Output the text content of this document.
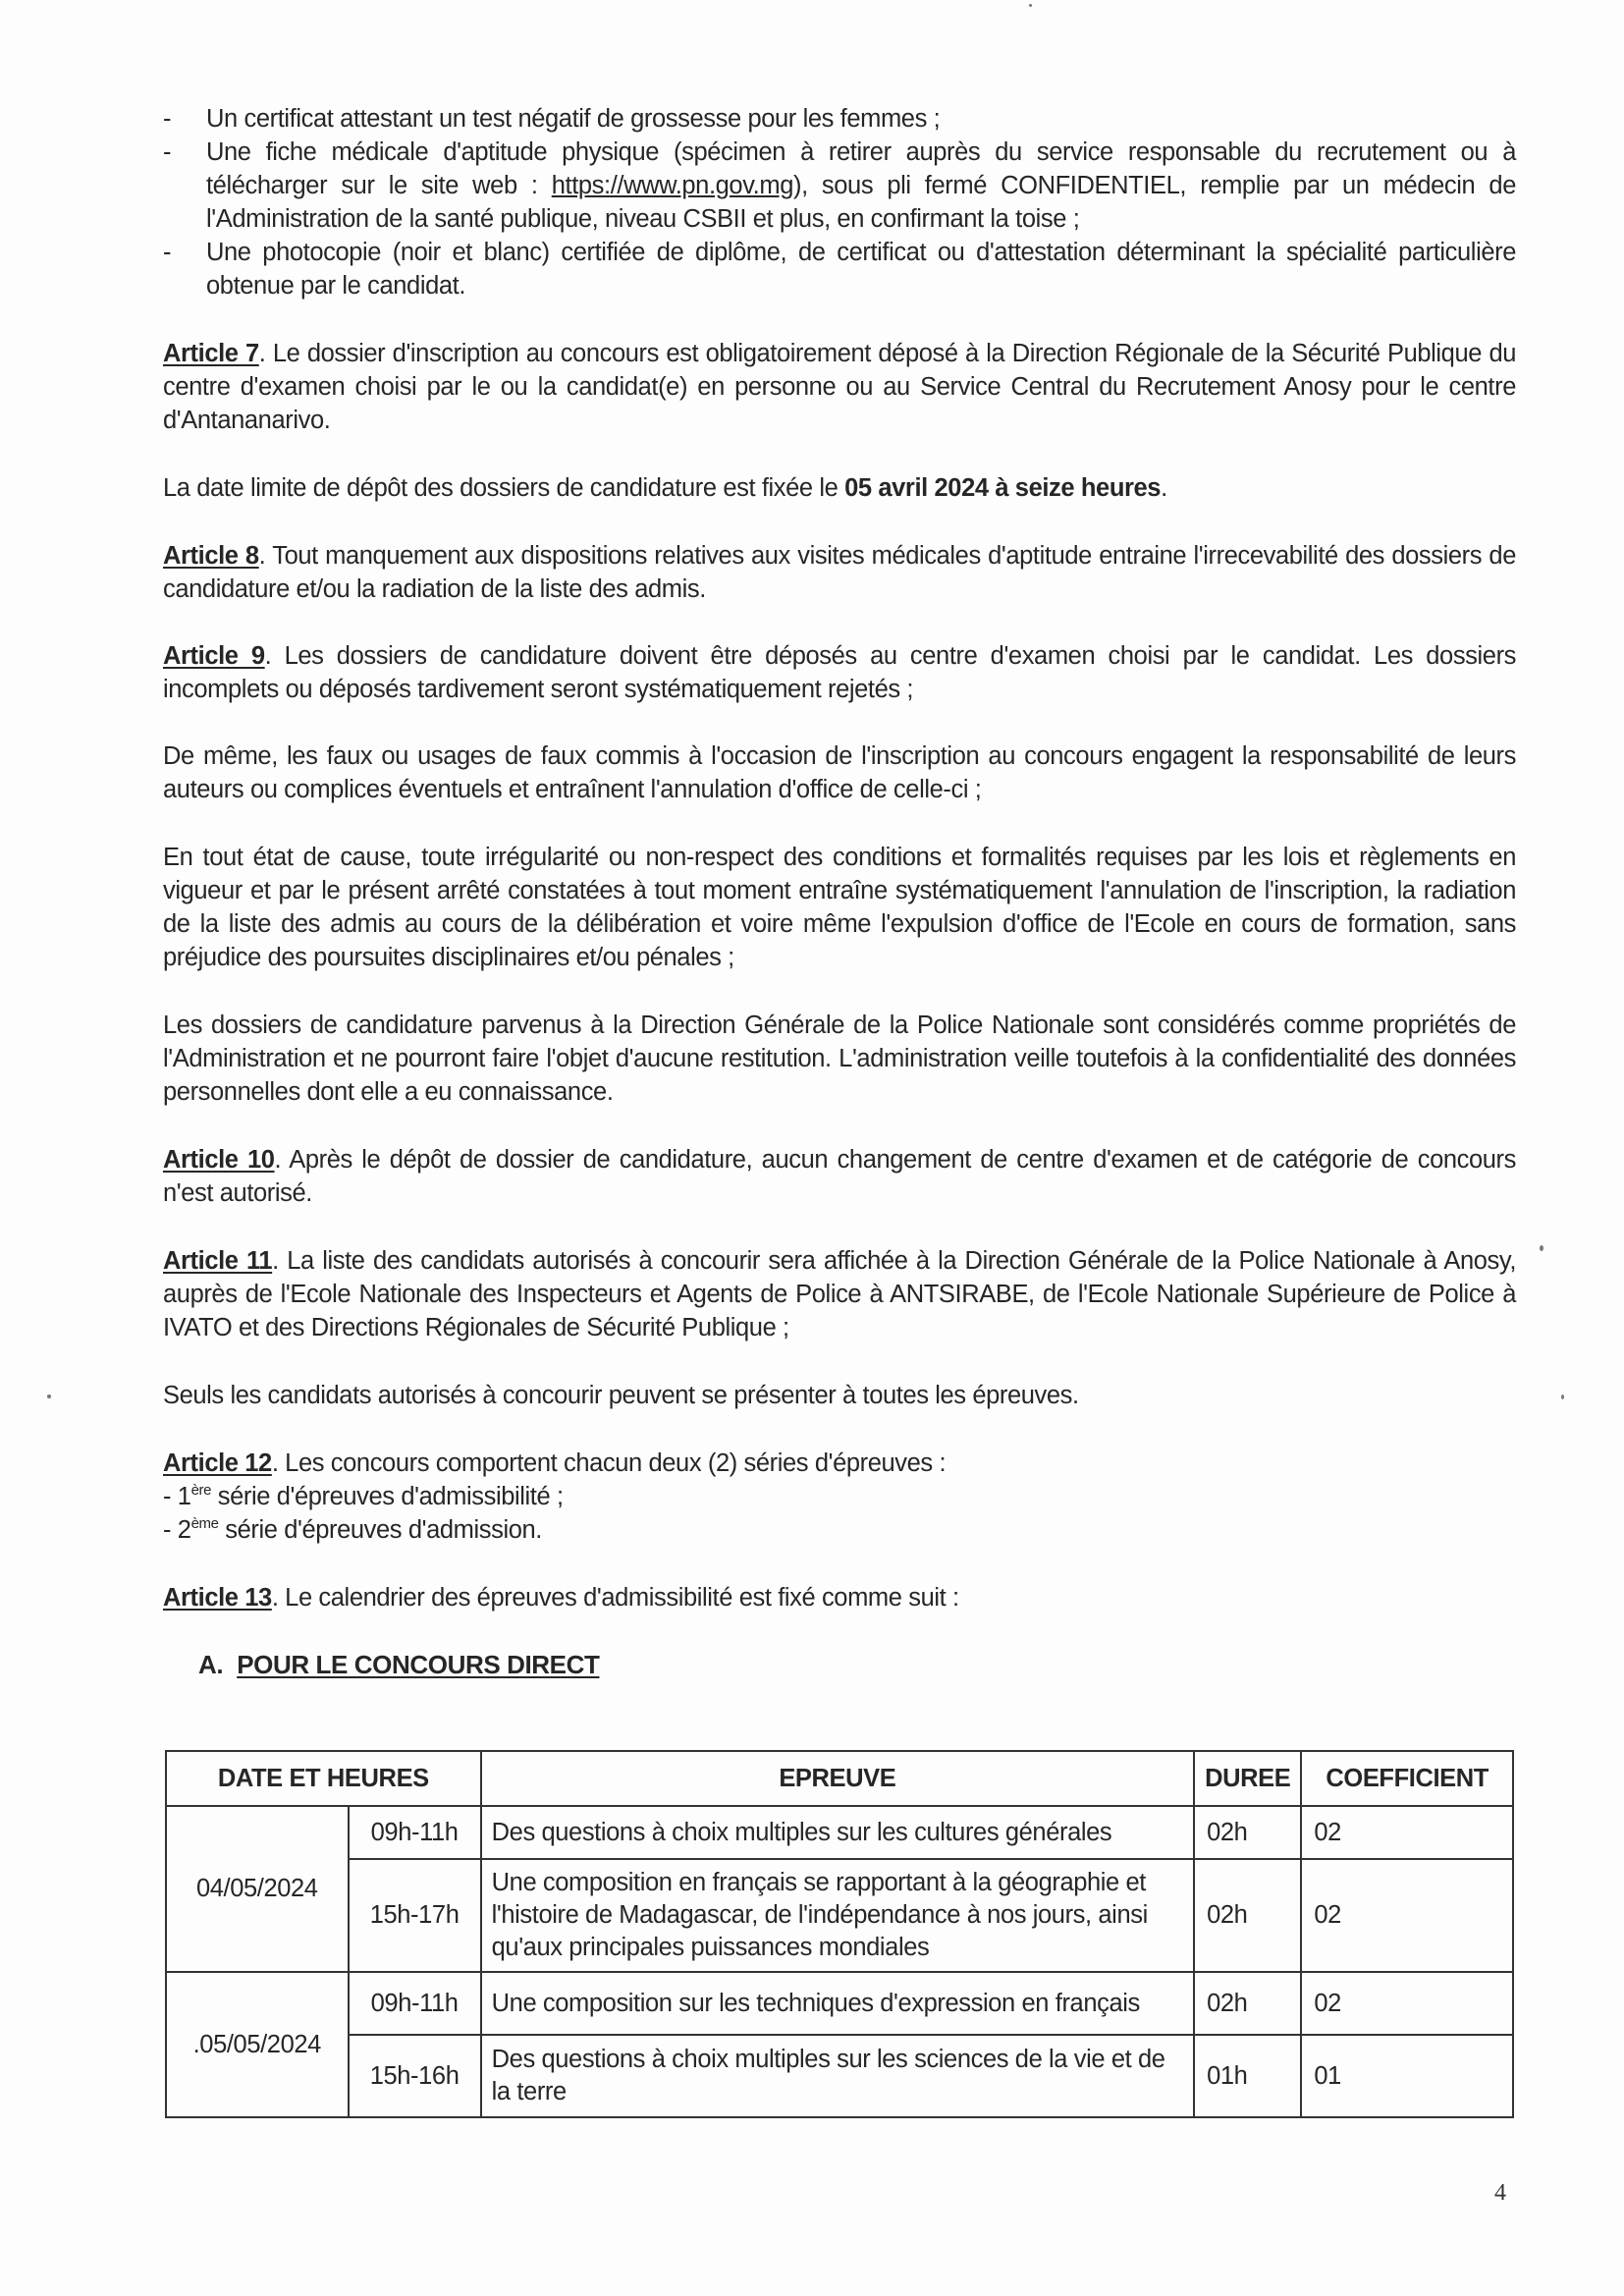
- Un certificat attestant un test négatif de grossesse pour les femmes ;
- Une fiche médicale d'aptitude physique (spécimen à retirer auprès du service responsable du recrutement ou à télécharger sur le site web : https://www.pn.gov.mg), sous pli fermé CONFIDENTIEL, remplie par un médecin de l'Administration de la santé publique, niveau CSBII et plus, en confirmant la toise ;
- Une photocopie (noir et blanc) certifiée de diplôme, de certificat ou d'attestation déterminant la spécialité particulière obtenue par le candidat.

Article 7. Le dossier d'inscription au concours est obligatoirement déposé à la Direction Régionale de la Sécurité Publique du centre d'examen choisi par le ou la candidat(e) en personne ou au Service Central du Recrutement Anosy pour le centre d'Antananarivo.

La date limite de dépôt des dossiers de candidature est fixée le 05 avril 2024 à seize heures.

Article 8. Tout manquement aux dispositions relatives aux visites médicales d'aptitude entraine l'irrecevabilité des dossiers de candidature et/ou la radiation de la liste des admis.

Article 9. Les dossiers de candidature doivent être déposés au centre d'examen choisi par le candidat. Les dossiers incomplets ou déposés tardivement seront systématiquement rejetés ;

De même, les faux ou usages de faux commis à l'occasion de l'inscription au concours engagent la responsabilité de leurs auteurs ou complices éventuels et entraînent l'annulation d'office de celle-ci ;

En tout état de cause, toute irrégularité ou non-respect des conditions et formalités requises par les lois et règlements en vigueur et par le présent arrêté constatées à tout moment entraîne systématiquement l'annulation de l'inscription, la radiation de la liste des admis au cours de la délibération et voire même l'expulsion d'office de l'Ecole en cours de formation, sans préjudice des poursuites disciplinaires et/ou pénales ;

Les dossiers de candidature parvenus à la Direction Générale de la Police Nationale sont considérés comme propriétés de l'Administration et ne pourront faire l'objet d'aucune restitution. L'administration veille toutefois à la confidentialité des données personnelles dont elle a eu connaissance.

Article 10. Après le dépôt de dossier de candidature, aucun changement de centre d'examen et de catégorie de concours n'est autorisé.

Article 11. La liste des candidats autorisés à concourir sera affichée à la Direction Générale de la Police Nationale à Anosy, auprès de l'Ecole Nationale des Inspecteurs et Agents de Police à ANTSIRABE, de l'Ecole Nationale Supérieure de Police à IVATO et des Directions Régionales de Sécurité Publique ;

Seuls les candidats autorisés à concourir peuvent se présenter à toutes les épreuves.

Article 12. Les concours comportent chacun deux (2) séries d'épreuves :

- 1ère série d'épreuves d'admissibilité ;
- 2ème série d'épreuves d'admission.

Article 13. Le calendrier des épreuves d'admissibilité est fixé comme suit :

A. POUR LE CONCOURS DIRECT
DATE ET HEURES		EPREUVE	DUREE	COEFFICIENT
04/05/2024	09h-11h	Des questions à choix multiples sur les cultures générales	02h	02
	15h-17h	Une composition en français se rapportant à la géographie et l'histoire de Madagascar, de l'indépendance à nos jours, ainsi qu'aux principales puissances mondiales	02h	02
.05/05/2024	09h-11h	Une composition sur les techniques d'expression en français	02h	02
	15h-16h	Des questions à choix multiples sur les sciences de la vie et de la terre	01h	01
4
